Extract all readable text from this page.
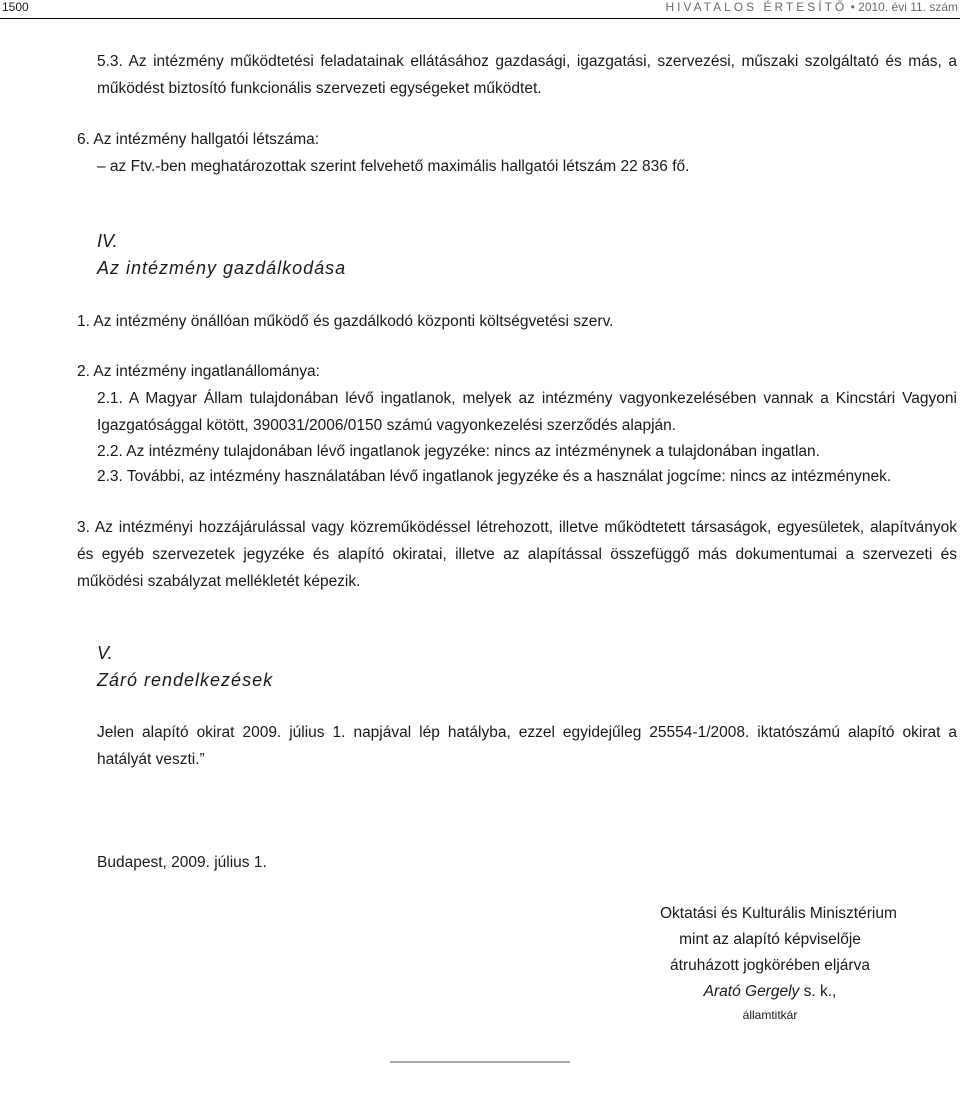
1500	HIVATALOS ÉRTESÍTŐ • 2010. évi 11. szám
5.3. Az intézmény működtetési feladatainak ellátásához gazdasági, igazgatási, szervezési, műszaki szolgáltató és más, a működést biztosító funkcionális szervezeti egységeket működtet.
6. Az intézmény hallgatói létszáma:
– az Ftv.-ben meghatározottak szerint felvehető maximális hallgatói létszám 22 836 fő.
IV.
Az intézmény gazdálkodása
1. Az intézmény önállóan működő és gazdálkodó központi költségvetési szerv.
2. Az intézmény ingatlanállománya:
2.1. A Magyar Állam tulajdonában lévő ingatlanok, melyek az intézmény vagyonkezelésében vannak a Kincstári Vagyoni Igazgatósággal kötött, 390031/2006/0150 számú vagyonkezelési szerződés alapján.
2.2. Az intézmény tulajdonában lévő ingatlanok jegyzéke: nincs az intézménynek a tulajdonában ingatlan.
2.3. További, az intézmény használatában lévő ingatlanok jegyzéke és a használat jogcíme: nincs az intézménynek.
3. Az intézményi hozzájárulással vagy közreműködéssel létrehozott, illetve működtetett társaságok, egyesületek, alapítványok és egyéb szervezetek jegyzéke és alapító okiratai, illetve az alapítással összefüggő más dokumentumai a szervezeti és működési szabályzat mellékletét képezik.
V.
Záró rendelkezések
Jelen alapító okirat 2009. július 1. napjával lép hatályba, ezzel egyidejűleg 25554-1/2008. iktatószámú alapító okirat a hatályát veszti.”
Budapest, 2009. július 1.
Oktatási és Kulturális Minisztérium
mint az alapító képviselője
átruházott jogkörében eljárva
Arató Gergely s. k.,
államtitkár
